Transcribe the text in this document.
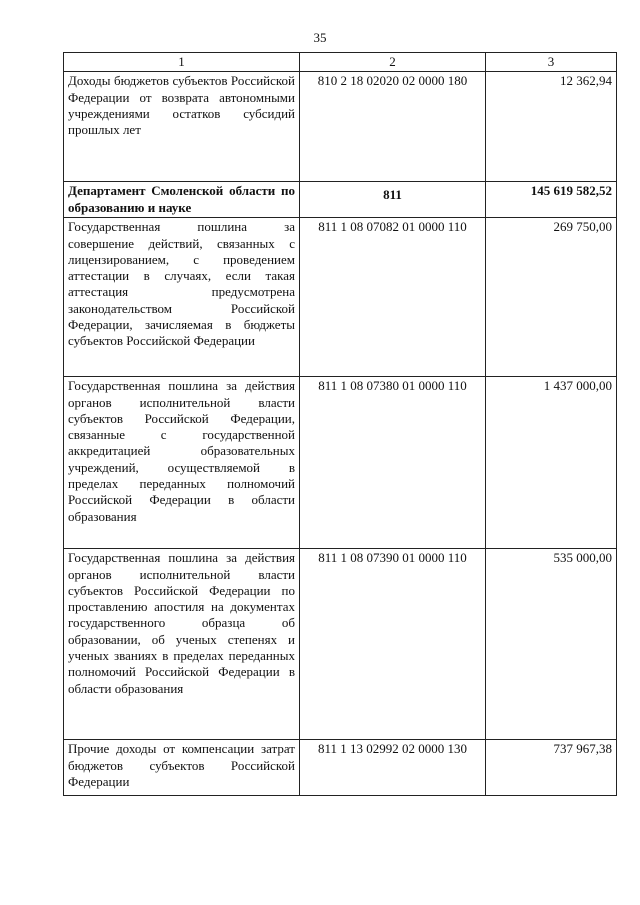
35
1	2	3
Доходы бюджетов субъектов Российской Федерации от возврата автономными учреждениями остатков субсидий прошлых лет	810 2 18 02020 02 0000 180	12 362,94
Департамент Смоленской области по образованию и науке	811	145 619 582,52
Государственная пошлина за совершение действий, связанных с лицензированием, с проведением аттестации в случаях, если такая аттестация предусмотрена законодательством Российской Федерации, зачисляемая в бюджеты субъектов Российской Федерации	811 1 08 07082 01 0000 110	269 750,00
Государственная пошлина за действия органов исполнительной власти субъектов Российской Федерации, связанные с государственной аккредитацией образовательных учреждений, осуществляемой в пределах переданных полномочий Российской Федерации в области образования	811 1 08 07380 01 0000 110	1 437 000,00
Государственная пошлина за действия органов исполнительной власти субъектов Российской Федерации по проставлению апостиля на документах государственного образца об образовании, об ученых степенях и ученых званиях в пределах переданных полномочий Российской Федерации в области образования	811 1 08 07390 01 0000 110	535 000,00
Прочие доходы от компенсации затрат бюджетов субъектов Российской Федерации	811 1 13 02992 02 0000 130	737 967,38
